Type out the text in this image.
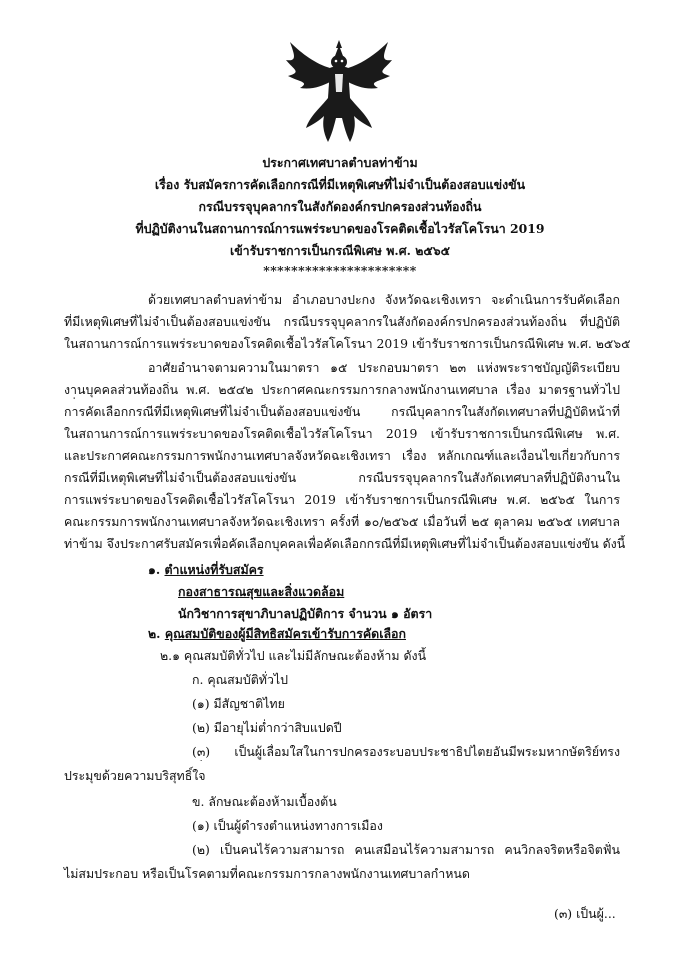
ประกาศเทศบาลตำบลท่าข้าม
เรื่อง รับสมัครการคัดเลือกกรณีที่มีเหตุพิเศษที่ไม่จำเป็นต้องสอบแข่งขัน
กรณีบรรจุบุคลากรในสังกัดองค์กรปกครองส่วนท้องถิ่น
ที่ปฏิบัติงานในสถานการณ์การแพร่ระบาดของโรคติดเชื้อไวรัสโคโรนา 2019
เข้ารับราชการเป็นกรณีพิเศษ พ.ศ. ๒๕๖๕
**********************
ด้วยเทศบาลตำบลท่าข้าม อำเภอบางปะกง จังหวัดฉะเชิงเทรา จะดำเนินการรับคัดเลือก
ที่มีเหตุพิเศษที่ไม่จำเป็นต้องสอบแข่งขัน กรณีบรรจุบุคลากรในสังกัดองค์กรปกครองส่วนท้องถิ่น ที่ปฏิบัติ
ในสถานการณ์การแพร่ระบาดของโรคติดเชื้อไวรัสโคโรนา 2019 เข้ารับราชการเป็นกรณีพิเศษ พ.ศ. ๒๕๖๕
อาศัยอำนาจตามความในมาตรา ๑๕ ประกอบมาตรา ๒๓ แห่งพระราชบัญญัติระเบียบ
งานบุคคลส่วนท้องถิ่น พ.ศ. ๒๕๔๒ ประกาศคณะกรรมการกลางพนักงานเทศบาล เรื่อง มาตรฐานทั่วไป
การคัดเลือกกรณีที่มีเหตุพิเศษที่ไม่จำเป็นต้องสอบแข่งขัน กรณีบุคลากรในสังกัดเทศบาลที่ปฏิบัติหน้าที่
ในสถานการณ์การแพร่ระบาดของโรคติดเชื้อไวรัสโคโรนา 2019 เข้ารับราชการเป็นกรณีพิเศษ พ.ศ.
และประกาศคณะกรรมการพนักงานเทศบาลจังหวัดฉะเชิงเทรา เรื่อง หลักเกณฑ์และเงื่อนไขเกี่ยวกับการ
กรณีที่มีเหตุพิเศษที่ไม่จำเป็นต้องสอบแข่งขัน กรณีบรรจุบุคลากรในสังกัดเทศบาลที่ปฏิบัติงานใน
การแพร่ระบาดของโรคติดเชื้อไวรัสโคโรนา 2019 เข้ารับราชการเป็นกรณีพิเศษ พ.ศ. ๒๕๖๕ ในการ
คณะกรรมการพนักงานเทศบาลจังหวัดฉะเชิงเทรา ครั้งที่ ๑๐/๒๕๖๕ เมื่อวันที่ ๒๕ ตุลาคม ๒๕๖๕ เทศบาล
ท่าข้าม จึงประกาศรับสมัครเพื่อคัดเลือกบุคคลเพื่อคัดเลือกกรณีที่มีเหตุพิเศษที่ไม่จำเป็นต้องสอบแข่งขัน ดังนี้
๑. ตำแหน่งที่รับสมัคร
กองสาธารณสุขและสิ่งแวดล้อม
นักวิชาการสุขาภิบาลปฏิบัติการ จำนวน ๑ อัตรา
๒. คุณสมบัติของผู้มีสิทธิสมัครเข้ารับการคัดเลือก
๒.๑ คุณสมบัติทั่วไป และไม่มีลักษณะต้องห้าม ดังนี้
ก. คุณสมบัติทั่วไป
(๑) มีสัญชาติไทย
(๒) มีอายุไม่ต่ำกว่าสิบแปดปี
(๓) เป็นผู้เลื่อมใสในการปกครองระบอบประชาธิปไตยอันมีพระมหากษัตริย์ทรง
ประมุขด้วยความบริสุทธิ์ใจ
ข. ลักษณะต้องห้ามเบื้องต้น
(๑) เป็นผู้ดำรงตำแหน่งทางการเมือง
(๒) เป็นคนไร้ความสามารถ คนเสมือนไร้ความสามารถ คนวิกลจริตหรือจิตฟั่น
ไม่สมประกอบ หรือเป็นโรคตามที่คณะกรรมการกลางพนักงานเทศบาลกำหนด
(๓) เป็นผู้...
